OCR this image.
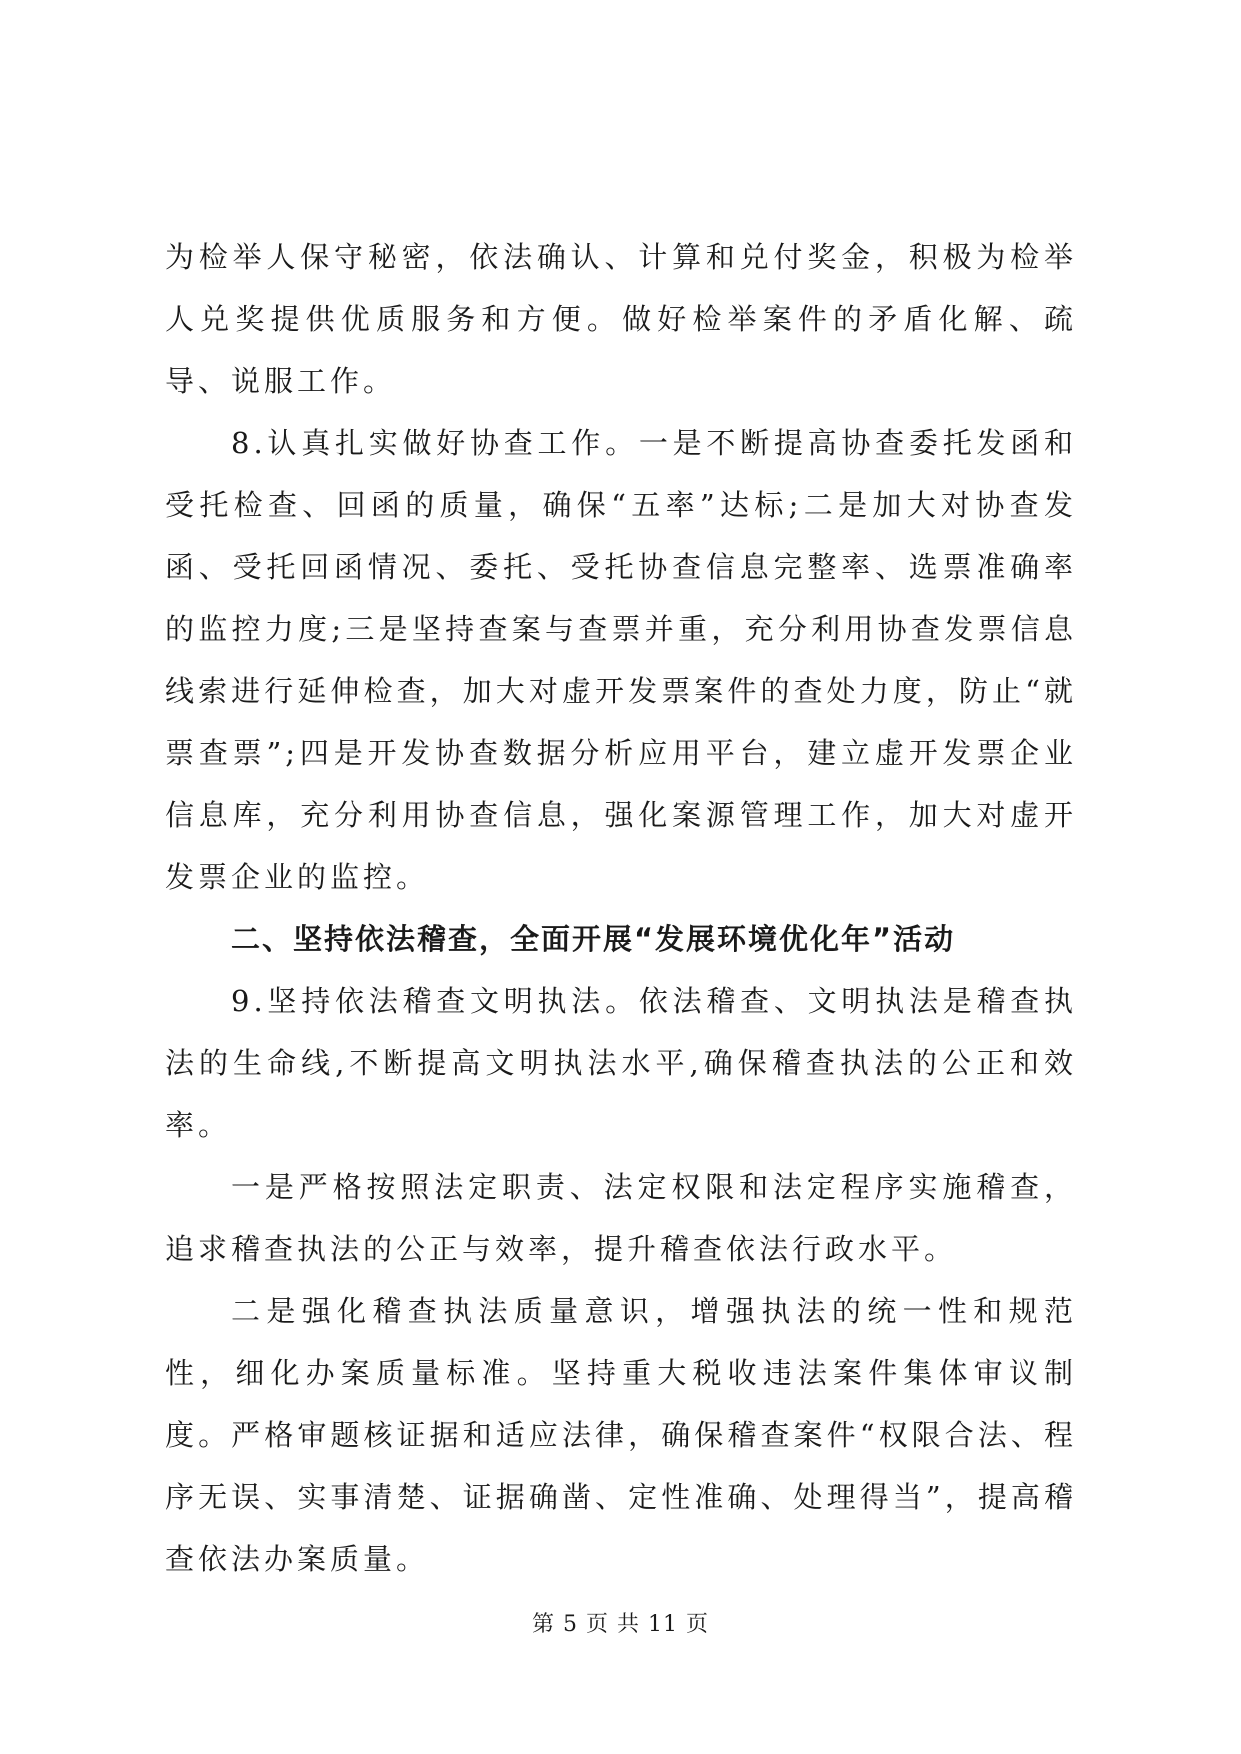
为检举人保守秘密，依法确认、计算和兑付奖金，积极为检举人兑奖提供优质服务和方便。做好检举案件的矛盾化解、疏导、说服工作。

8.认真扎实做好协查工作。一是不断提高协查委托发函和受托检查、回函的质量，确保“五率”达标;二是加大对协查发函、受托回函情况、委托、受托协查信息完整率、选票准确率的监控力度;三是坚持查案与查票并重，充分利用协查发票信息线索进行延伸检查，加大对虚开发票案件的查处力度，防止“就票查票”;四是开发协查数据分析应用平台，建立虚开发票企业信息库，充分利用协查信息，强化案源管理工作，加大对虚开发票企业的监控。

二、坚持依法稽查，全面开展“发展环境优化年”活动

9.坚持依法稽查文明执法。依法稽查、文明执法是稽查执法的生命线,不断提高文明执法水平,确保稽查执法的公正和效率。

一是严格按照法定职责、法定权限和法定程序实施稽查，追求稽查执法的公正与效率，提升稽查依法行政水平。

二是强化稽查执法质量意识，增强执法的统一性和规范性，细化办案质量标准。坚持重大税收违法案件集体审议制度。严格审题核证据和适应法律，确保稽查案件“权限合法、程序无误、实事清楚、证据确凿、定性准确、处理得当”，提高稽查依法办案质量。

第 5 页 共 11 页
